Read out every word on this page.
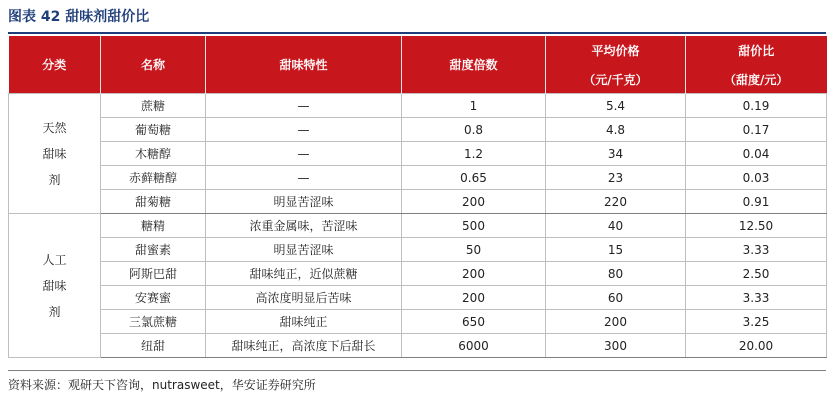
图表 42 甜味剂甜价比
分类	名称	甜味特性	甜度倍数	平均价格	甜价比
				（元/千克）	（甜度/元）

天然
甜味
剂	蔗糖	—	1	5.4	0.19
	葡萄糖	—	0.8	4.8	0.17
	木糖醇	—	1.2	34	0.04
	赤藓糖醇	—	0.65	23	0.03
	甜菊糖	明显苦涩味	200	220	0.91

人工
甜味
剂	糖精	浓重金属味，苦涩味	500	40	12.50
	甜蜜素	明显苦涩味	50	15	3.33
	阿斯巴甜	甜味纯正，近似蔗糖	200	80	2.50
	安赛蜜	高浓度明显后苦味	200	60	3.33
	三氯蔗糖	甜味纯正	650	200	3.25
	纽甜	甜味纯正，高浓度下后甜长	6000	300	20.00
资料来源：观研天下咨询，nutrasweet，华安证券研究所
